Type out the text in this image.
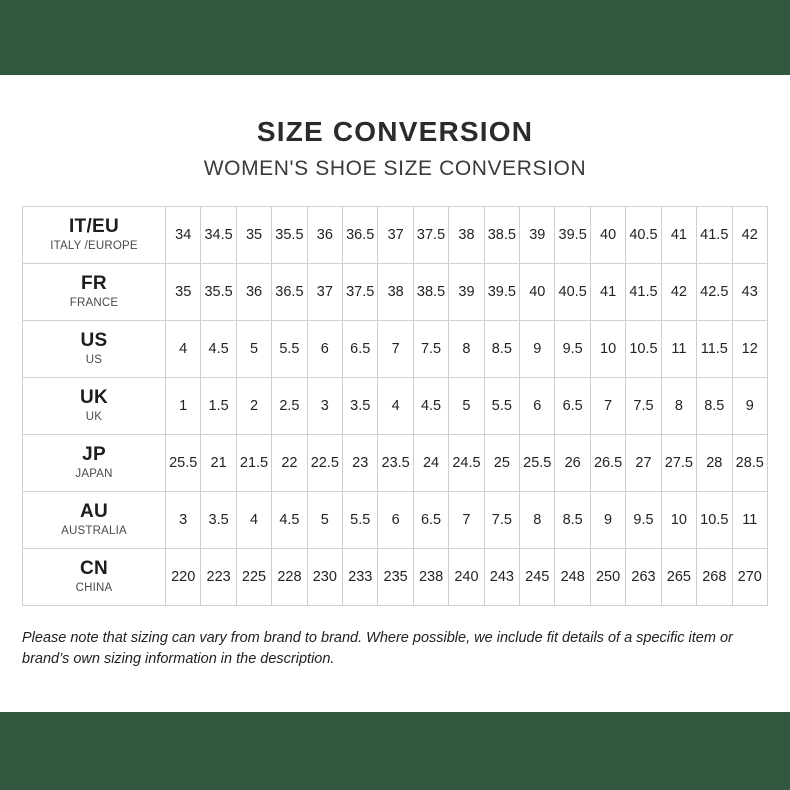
SIZE CONVERSION
WOMEN'S SHOE SIZE CONVERSION
IT/EU
ITALY /EUROPE	34	34.5	35	35.5	36	36.5	37	37.5	38	38.5	39	39.5	40	40.5	41	41.5	42

FR
FRANCE	35	35.5	36	36.5	37	37.5	38	38.5	39	39.5	40	40.5	41	41.5	42	42.5	43

US
US	4	4.5	5	5.5	6	6.5	7	7.5	8	8.5	9	9.5	10	10.5	11	11.5	12

UK
UK	1	1.5	2	2.5	3	3.5	4	4.5	5	5.5	6	6.5	7	7.5	8	8.5	9

JP
JAPAN	25.5	21	21.5	22	22.5	23	23.5	24	24.5	25	25.5	26	26.5	27	27.5	28	28.5

AU
AUSTRALIA	3	3.5	4	4.5	5	5.5	6	6.5	7	7.5	8	8.5	9	9.5	10	10.5	11

CN
CHINA	220	223	225	228	230	233	235	238	240	243	245	248	250	263	265	268	270
Please note that sizing can vary from brand to brand. Where possible, we include fit details of a specific item or brand’s own sizing information in the description.
